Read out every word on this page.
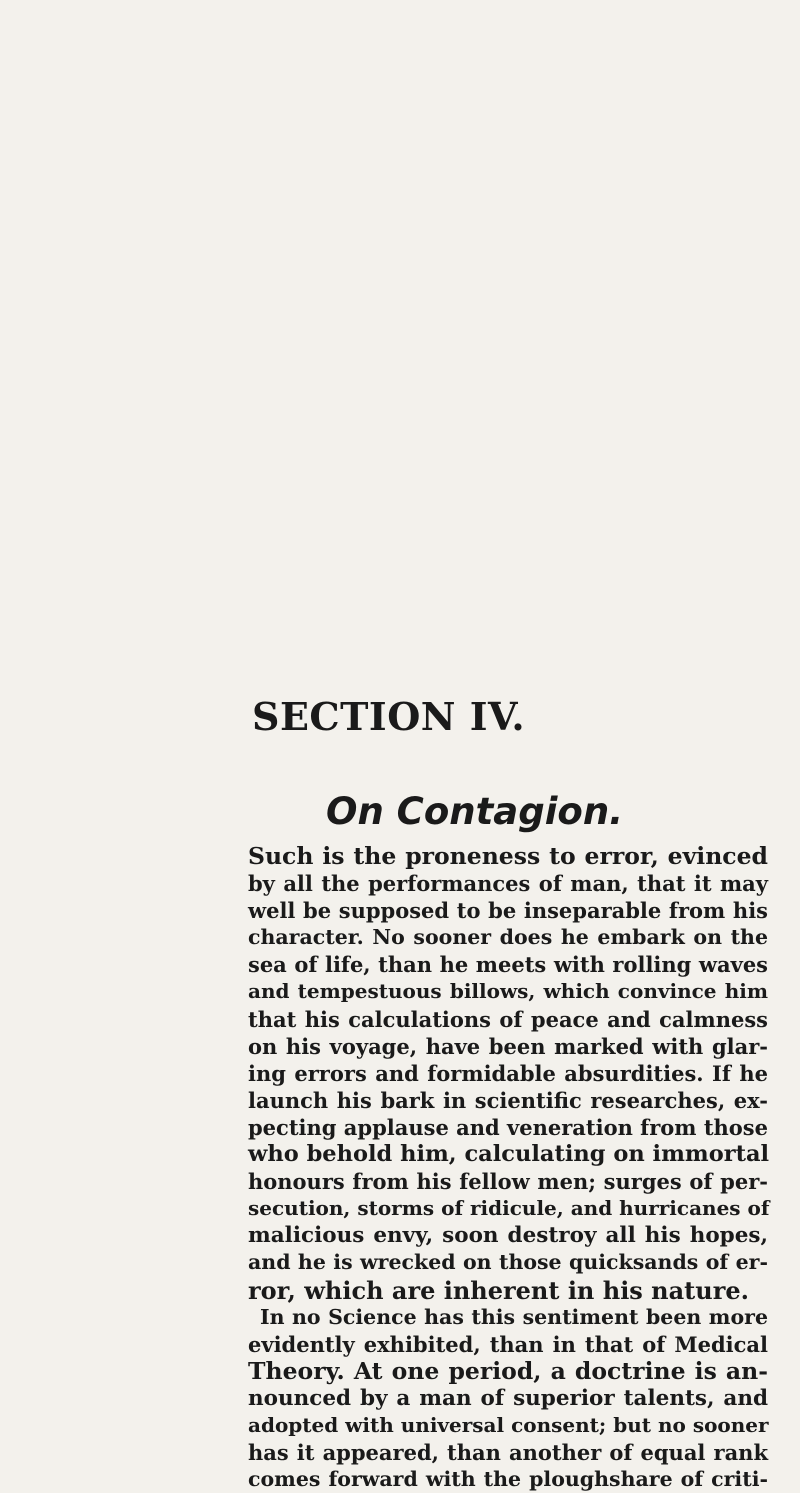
SECTION IV.
On Contagion.
Such is the proneness to error, evinced
by all the performances of man, that it may
well be supposed to be inseparable from his
character. No sooner does he embark on the
sea of life, than he meets with rolling waves
and tempestuous billows, which convince him
that his calculations of peace and calmness
on his voyage, have been marked with glar-
ing errors and formidable absurdities. If he
launch his bark in scientific researches, ex-
pecting applause and veneration from those
who behold him, calculating on immortal
honours from his fellow men; surges of per-
secution, storms of ridicule, and hurricanes of
malicious envy, soon destroy all his hopes,
and he is wrecked on those quicksands of er-
ror, which are inherent in his nature.
In no Science has this sentiment been more
evidently exhibited, than in that of Medical
Theory. At one period, a doctrine is an-
nounced by a man of superior talents, and
adopted with universal consent; but no sooner
has it appeared, than another of equal rank
comes forward with the ploughshare of criti-
